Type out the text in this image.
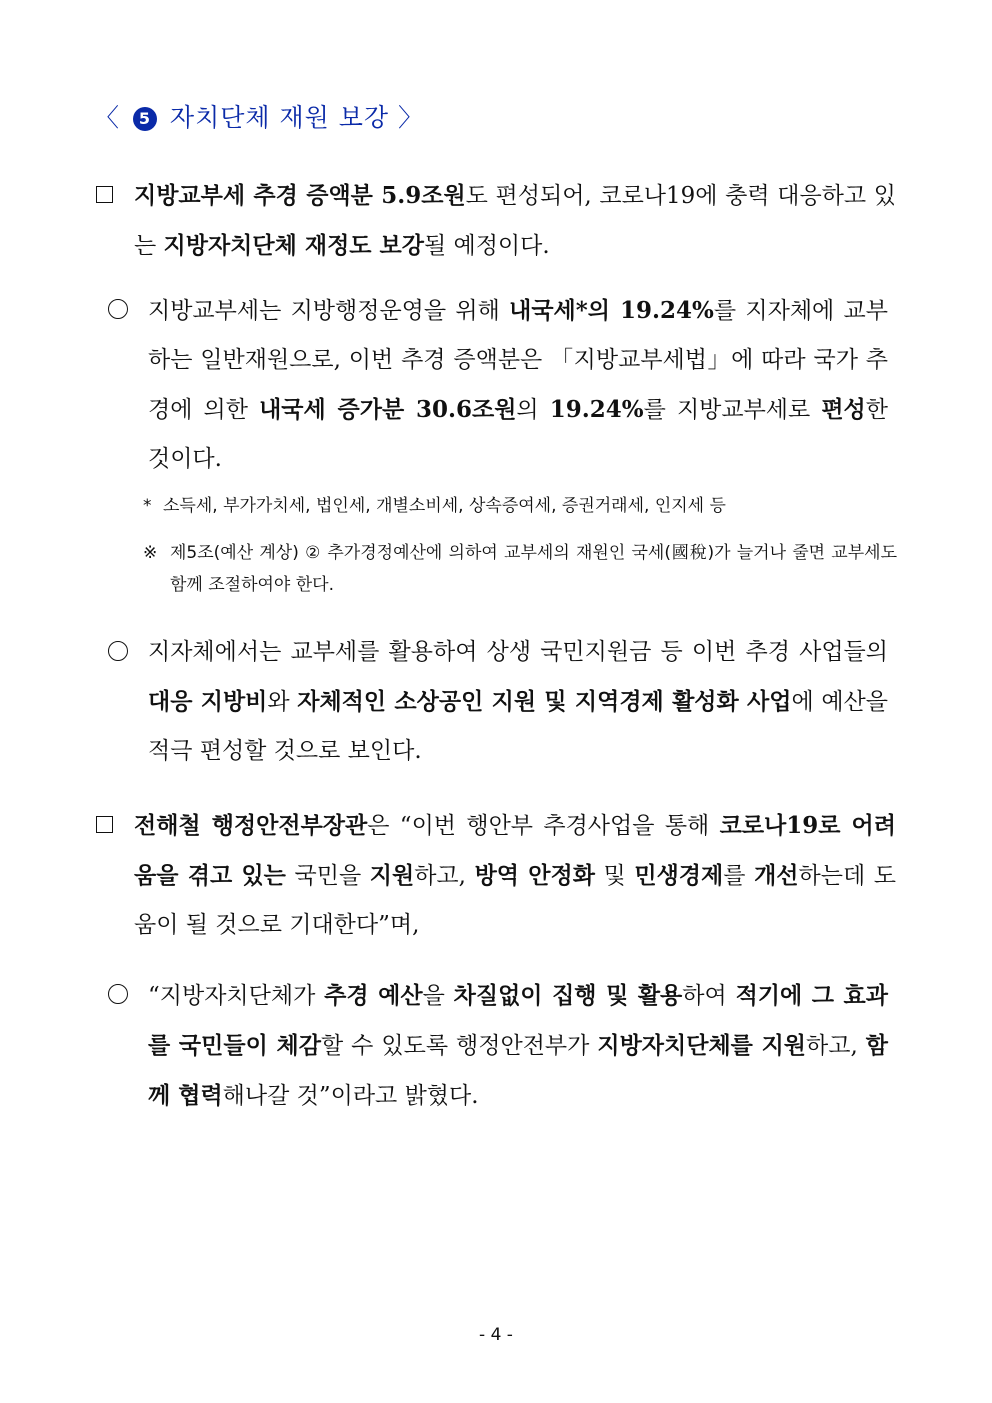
〈 5 자치단체 재원 보강 〉
지방교부세 추경 증액분 5.9조원도 편성되어, 코로나19에 충력 대응하고 있는 지방자치단체 재정도 보강될 예정이다.
지방교부세는 지방행정운영을 위해 내국세*의 19.24%를 지자체에 교부하는 일반재원으로, 이번 추경 증액분은 「지방교부세법」에 따라 국가 추경에 의한 내국세 증가분 30.6조원의 19.24%를 지방교부세로 편성한 것이다.
* 소득세, 부가가치세, 법인세, 개별소비세, 상속증여세, 증권거래세, 인지세 등
※ 제5조(예산 계상) ② 추가경정예산에 의하여 교부세의 재원인 국세(國稅)가 늘거나 줄면 교부세도 함께 조절하여야 한다.
지자체에서는 교부세를 활용하여 상생 국민지원금 등 이번 추경 사업들의 대응 지방비와 자체적인 소상공인 지원 및 지역경제 활성화 사업에 예산을 적극 편성할 것으로 보인다.
전해철 행정안전부장관은 “이번 행안부 추경사업을 통해 코로나19로 어려움을 겪고 있는 국민을 지원하고, 방역 안정화 및 민생경제를 개선하는데 도움이 될 것으로 기대한다”며,
“지방자치단체가 추경 예산을 차질없이 집행 및 활용하여 적기에 그 효과를 국민들이 체감할 수 있도록 행정안전부가 지방자치단체를 지원하고, 함께 협력해나갈 것”이라고 밝혔다.
- 4 -
